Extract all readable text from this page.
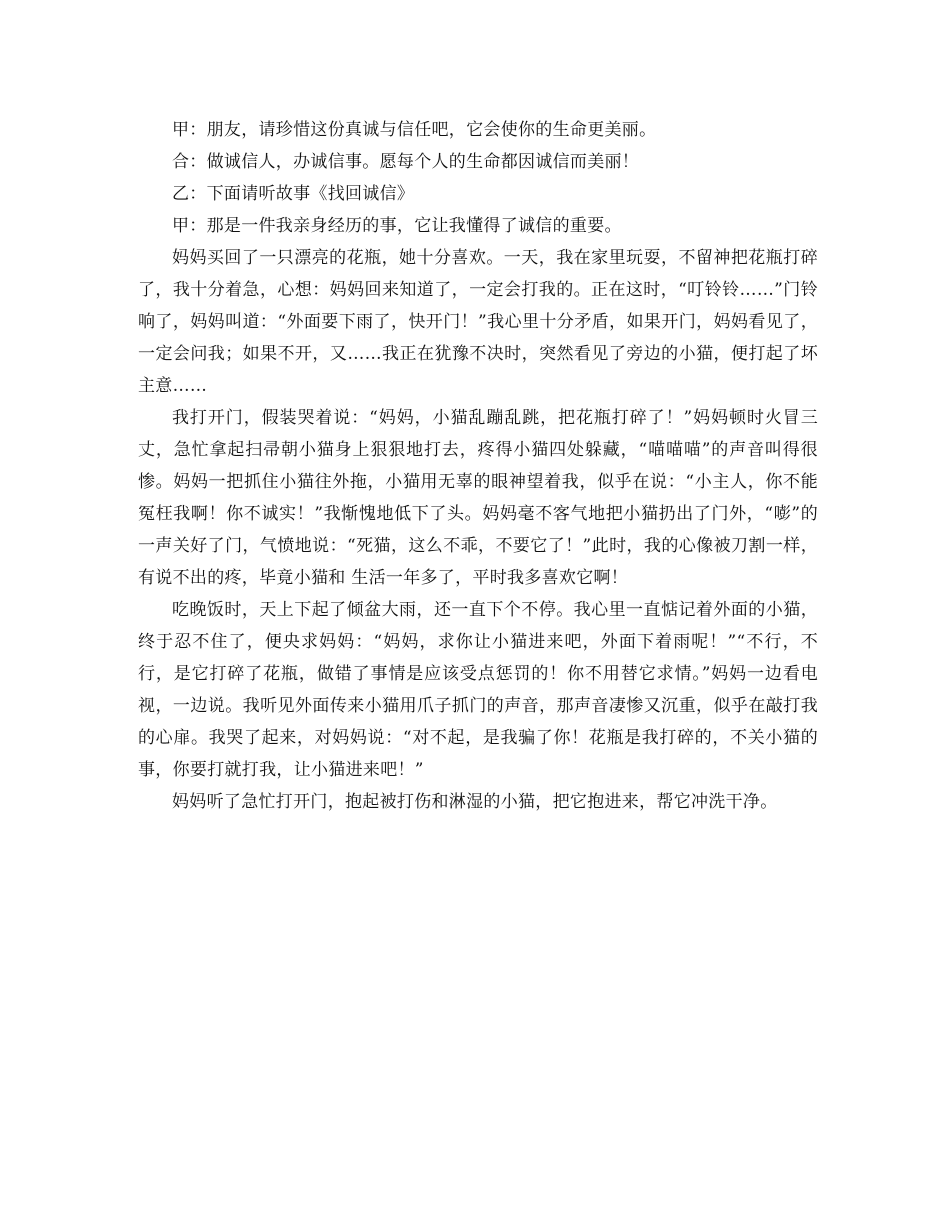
甲：朋友，请珍惜这份真诚与信任吧，它会使你的生命更美丽。

合：做诚信人，办诚信事。愿每个人的生命都因诚信而美丽！

乙：下面请听故事《找回诚信》

甲：那是一件我亲身经历的事，它让我懂得了诚信的重要。

妈妈买回了一只漂亮的花瓶，她十分喜欢。一天，我在家里玩耍，不留神把花瓶打碎了，我十分着急，心想：妈妈回来知道了，一定会打我的。正在这时，“叮铃铃……”门铃响了，妈妈叫道：“外面要下雨了，快开门！”我心里十分矛盾，如果开门，妈妈看见了，一定会问我；如果不开，又……我正在犹豫不决时，突然看见了旁边的小猫，便打起了坏主意……

我打开门，假装哭着说：“妈妈，小猫乱蹦乱跳，把花瓶打碎了！”妈妈顿时火冒三丈，急忙拿起扫帚朝小猫身上狠狠地打去，疼得小猫四处躲藏，“喵喵喵”的声音叫得很惨。妈妈一把抓住小猫往外拖，小猫用无辜的眼神望着我，似乎在说：“小主人，你不能冤枉我啊！你不诚实！”我惭愧地低下了头。妈妈毫不客气地把小猫扔出了门外，“嘭”的一声关好了门，气愤地说：“死猫，这么不乖，不要它了！”此时，我的心像被刀割一样，有说不出的疼，毕竟小猫和 生活一年多了，平时我多喜欢它啊！

吃晚饭时，天上下起了倾盆大雨，还一直下个不停。我心里一直惦记着外面的小猫，终于忍不住了，便央求妈妈：“妈妈，求你让小猫进来吧，外面下着雨呢！”“不行，不行，是它打碎了花瓶，做错了事情是应该受点惩罚的！你不用替它求情。”妈妈一边看电视，一边说。我听见外面传来小猫用爪子抓门的声音，那声音凄惨又沉重，似乎在敲打我的心扉。我哭了起来，对妈妈说：“对不起，是我骗了你！花瓶是我打碎的，不关小猫的事，你要打就打我，让小猫进来吧！”

妈妈听了急忙打开门，抱起被打伤和淋湿的小猫，把它抱进来，帮它冲洗干净。
